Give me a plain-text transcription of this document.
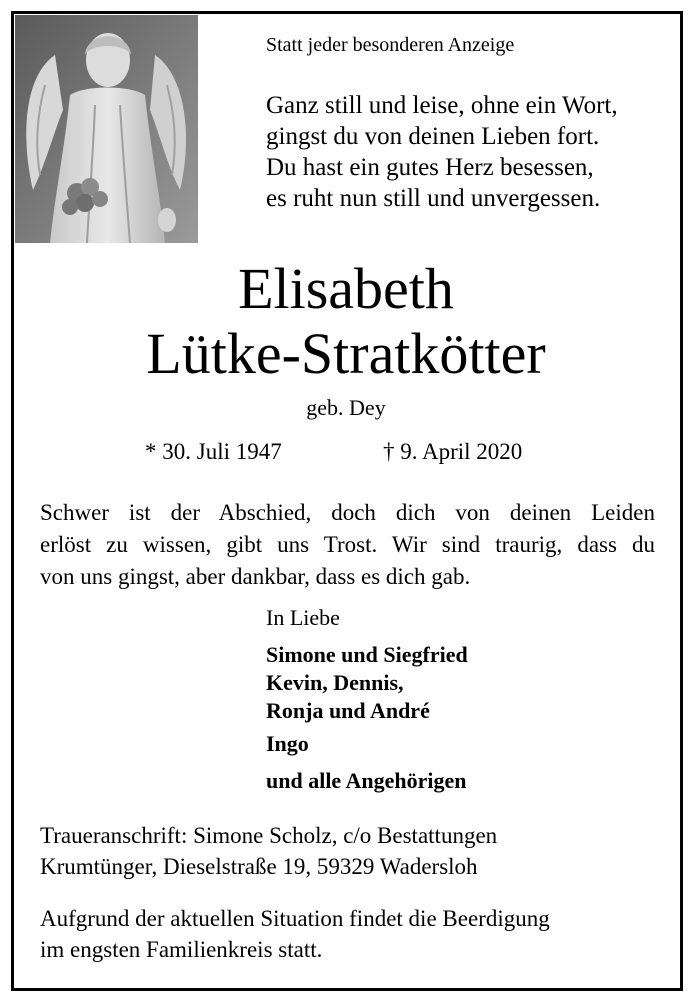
Statt jeder besonderen Anzeige
Ganz still und leise, ohne ein Wort,
gingst du von deinen Lieben fort.
Du hast ein gutes Herz besessen,
es ruht nun still und unvergessen.
Elisabeth
Lütke-Stratkötter
geb. Dey
* 30. Juli 1947	† 9. April 2020
Schwer ist der Abschied, doch dich von deinen Leiden
erlöst zu wissen, gibt uns Trost. Wir sind traurig, dass du
von uns gingst, aber dankbar, dass es dich gab.
In Liebe
Simone und Siegfried
Kevin, Dennis,
Ronja und André
Ingo
und alle Angehörigen
Traueranschrift: Simone Scholz, c/o Bestattungen
Krumtünger, Dieselstraße 19, 59329 Wadersloh
Aufgrund der aktuellen Situation findet die Beerdigung
im engsten Familienkreis statt.
